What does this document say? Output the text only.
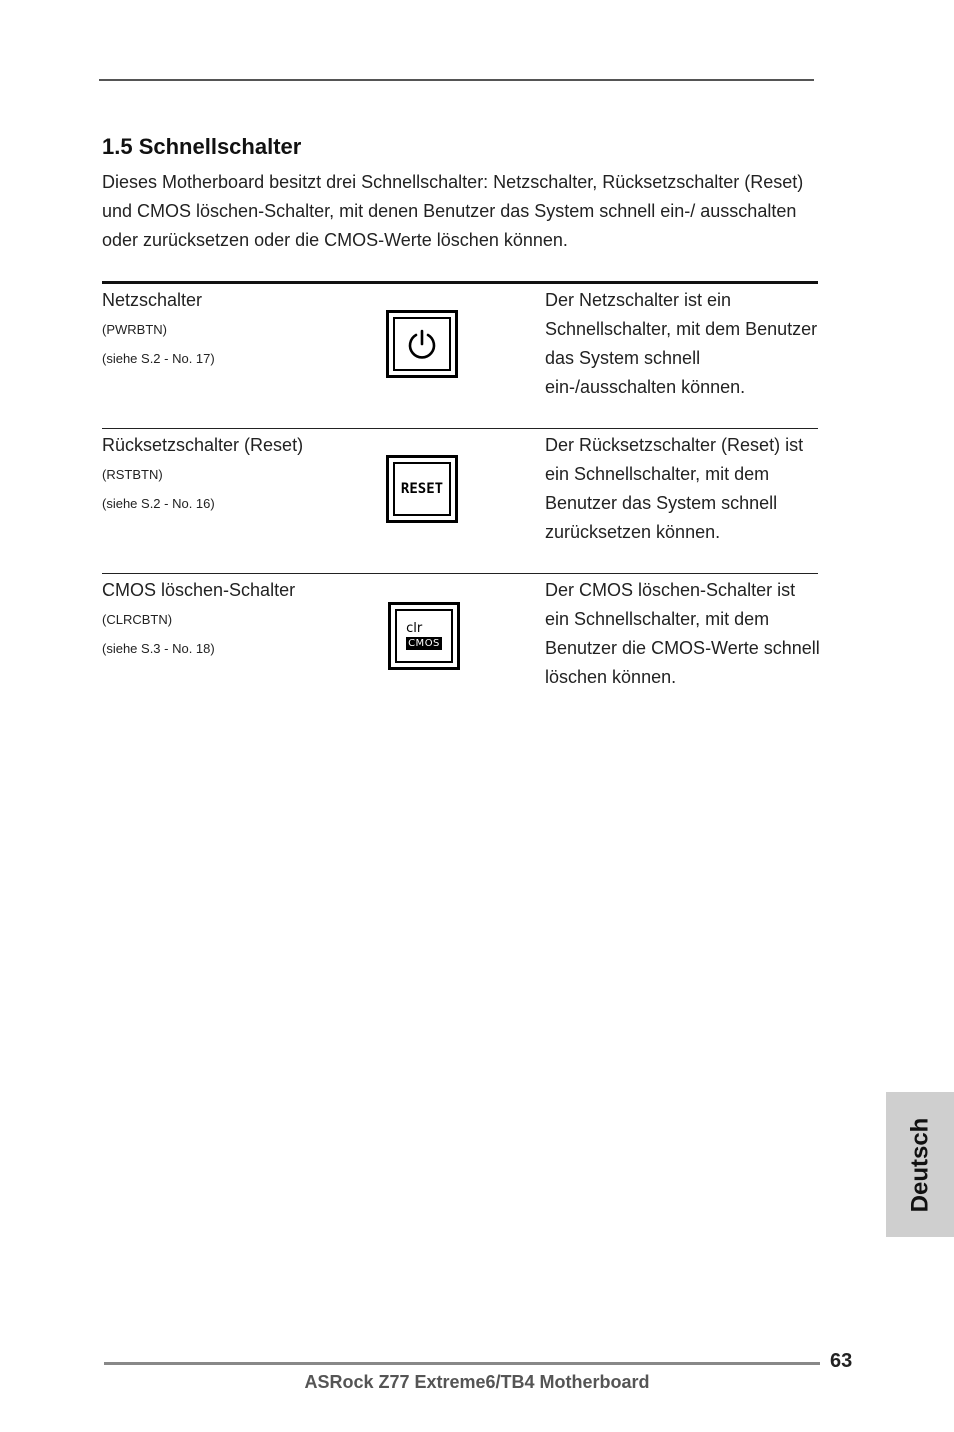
1.5 Schnellschalter

Dieses Motherboard besitzt drei Schnellschalter: Netzschalter, Rücksetzschalter (Reset) und CMOS löschen-Schalter, mit denen Benutzer das System schnell ein-/ ausschalten oder zurücksetzen oder die CMOS-Werte löschen können.

Netzschalter
(PWRBTN)
(siehe S.2 - No. 17)
Der Netzschalter ist ein Schnellschalter, mit dem Benutzer das System schnell ein-/ausschalten können.
Rücksetzschalter (Reset)
(RSTBTN)
(siehe S.2 - No. 16)
RESET
Der Rücksetzschalter (Reset) ist ein Schnellschalter, mit dem Benutzer das System schnell zurücksetzen können.
CMOS löschen-Schalter
(CLRCBTN)
(siehe S.3 - No. 18)
clr
CMOS
Der CMOS löschen-Schalter ist ein Schnellschalter, mit dem Benutzer die CMOS-Werte schnell löschen können.
Deutsch
63
ASRock Z77 Extreme6/TB4 Motherboard
